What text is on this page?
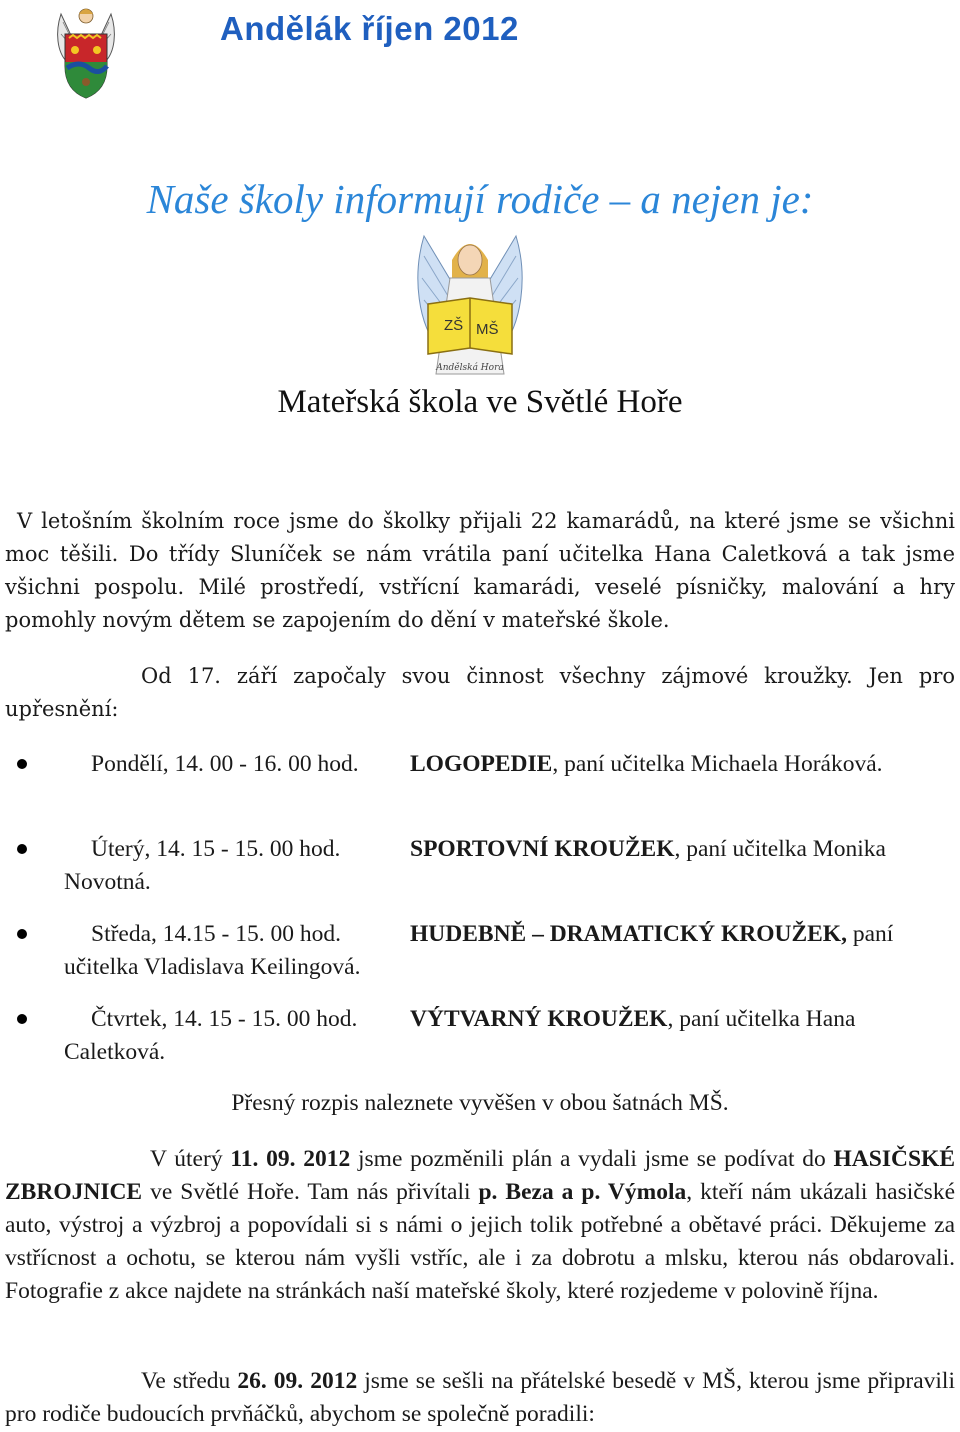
Andělák říjen 2012
Naše školy informují rodiče – a nejen je:
ZŠ MŠ
Andělská Hora
Mateřská škola ve Světlé Hoře

V letošním školním roce jsme do školky přijali 22 kamarádů, na které jsme se všichni moc těšili. Do třídy Sluníček se nám vrátila paní učitelka Hana Caletková a tak jsme všichni pospolu. Milé prostředí, vstřícní kamarádi, veselé písničky, malování a hry pomohly novým dětem se zapojením do dění v mateřské škole.

Od 17. září započaly svou činnost všechny zájmové kroužky. Jen pro upřesnění:

Pondělí, 14. 00 - 16. 00 hod. LOGOPEDIE, paní učitelka Michaela Horáková.
Úterý, 14. 15 - 15. 00 hod.	SPORTOVNÍ KROUŽEK, paní učitelka Monika Novotná.
Středa, 14.15 - 15. 00 hod.	HUDEBNĚ – DRAMATICKÝ KROUŽEK, paní učitelka Vladislava Keilingová.
Čtvrtek, 14. 15 - 15. 00 hod. VÝTVARNÝ KROUŽEK, paní učitelka Hana Caletková.

Přesný rozpis naleznete vyvěšen v obou šatnách MŠ.

V úterý 11. 09. 2012 jsme pozměnili plán a vydali jsme se podívat do HASIČSKÉ ZBROJNICE ve Světlé Hoře. Tam nás přivítali p. Beza a p. Výmola, kteří nám ukázali hasičské auto, výstroj a výzbroj a popovídali si s námi o jejich tolik potřebné a obětavé práci. Děkujeme za vstřícnost a ochotu, se kterou nám vyšli vstříc, ale i za dobrotu a mlsku, kterou nás obdarovali. Fotografie z akce najdete na stránkách naší mateřské školy, které rozjedeme v polovině října.

Ve středu 26. 09. 2012 jsme se sešli na přátelské besedě v MŠ, kterou jsme připravili pro rodiče budoucích prvňáčků, abychom se společně poradili:
